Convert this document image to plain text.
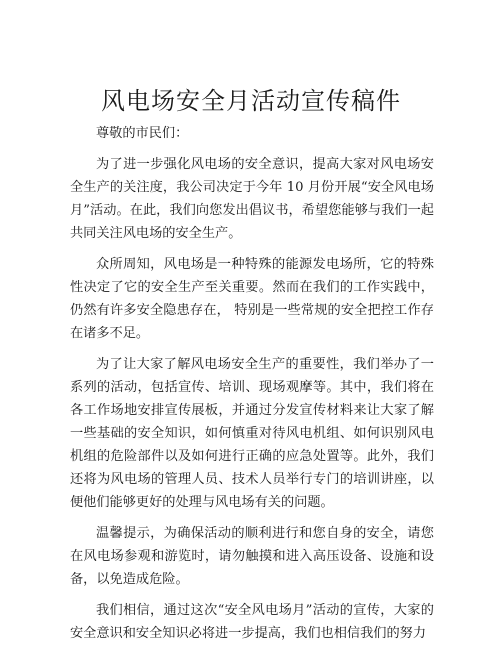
风电场安全月活动宣传稿件

尊敬的市民们：

为了进一步强化风电场的安全意识，提高大家对风电场安全生产的关注度，我公司决定于今年 10 月份开展“安全风电场月”活动。在此，我们向您发出倡议书，希望您能够与我们一起共同关注风电场的安全生产。

众所周知，风电场是一种特殊的能源发电场所，它的特殊性决定了它的安全生产至关重要。然而在我们的工作实践中，仍然有许多安全隐患存在， 特别是一些常规的安全把控工作存在诸多不足。

为了让大家了解风电场安全生产的重要性，我们举办了一系列的活动，包括宣传、培训、现场观摩等。其中，我们将在各工作场地安排宣传展板，并通过分发宣传材料来让大家了解一些基础的安全知识，如何慎重对待风电机组、如何识别风电机组的危险部件以及如何进行正确的应急处置等。此外，我们还将为风电场的管理人员、技术人员举行专门的培训讲座，以便他们能够更好的处理与风电场有关的问题。

温馨提示，为确保活动的顺利进行和您自身的安全，请您在风电场参观和游览时，请勿触摸和进入高压设备、设施和设备，以免造成危险。

我们相信，通过这次“安全风电场月”活动的宣传，大家的安全意识和安全知识必将进一步提高，我们也相信我们的努力
